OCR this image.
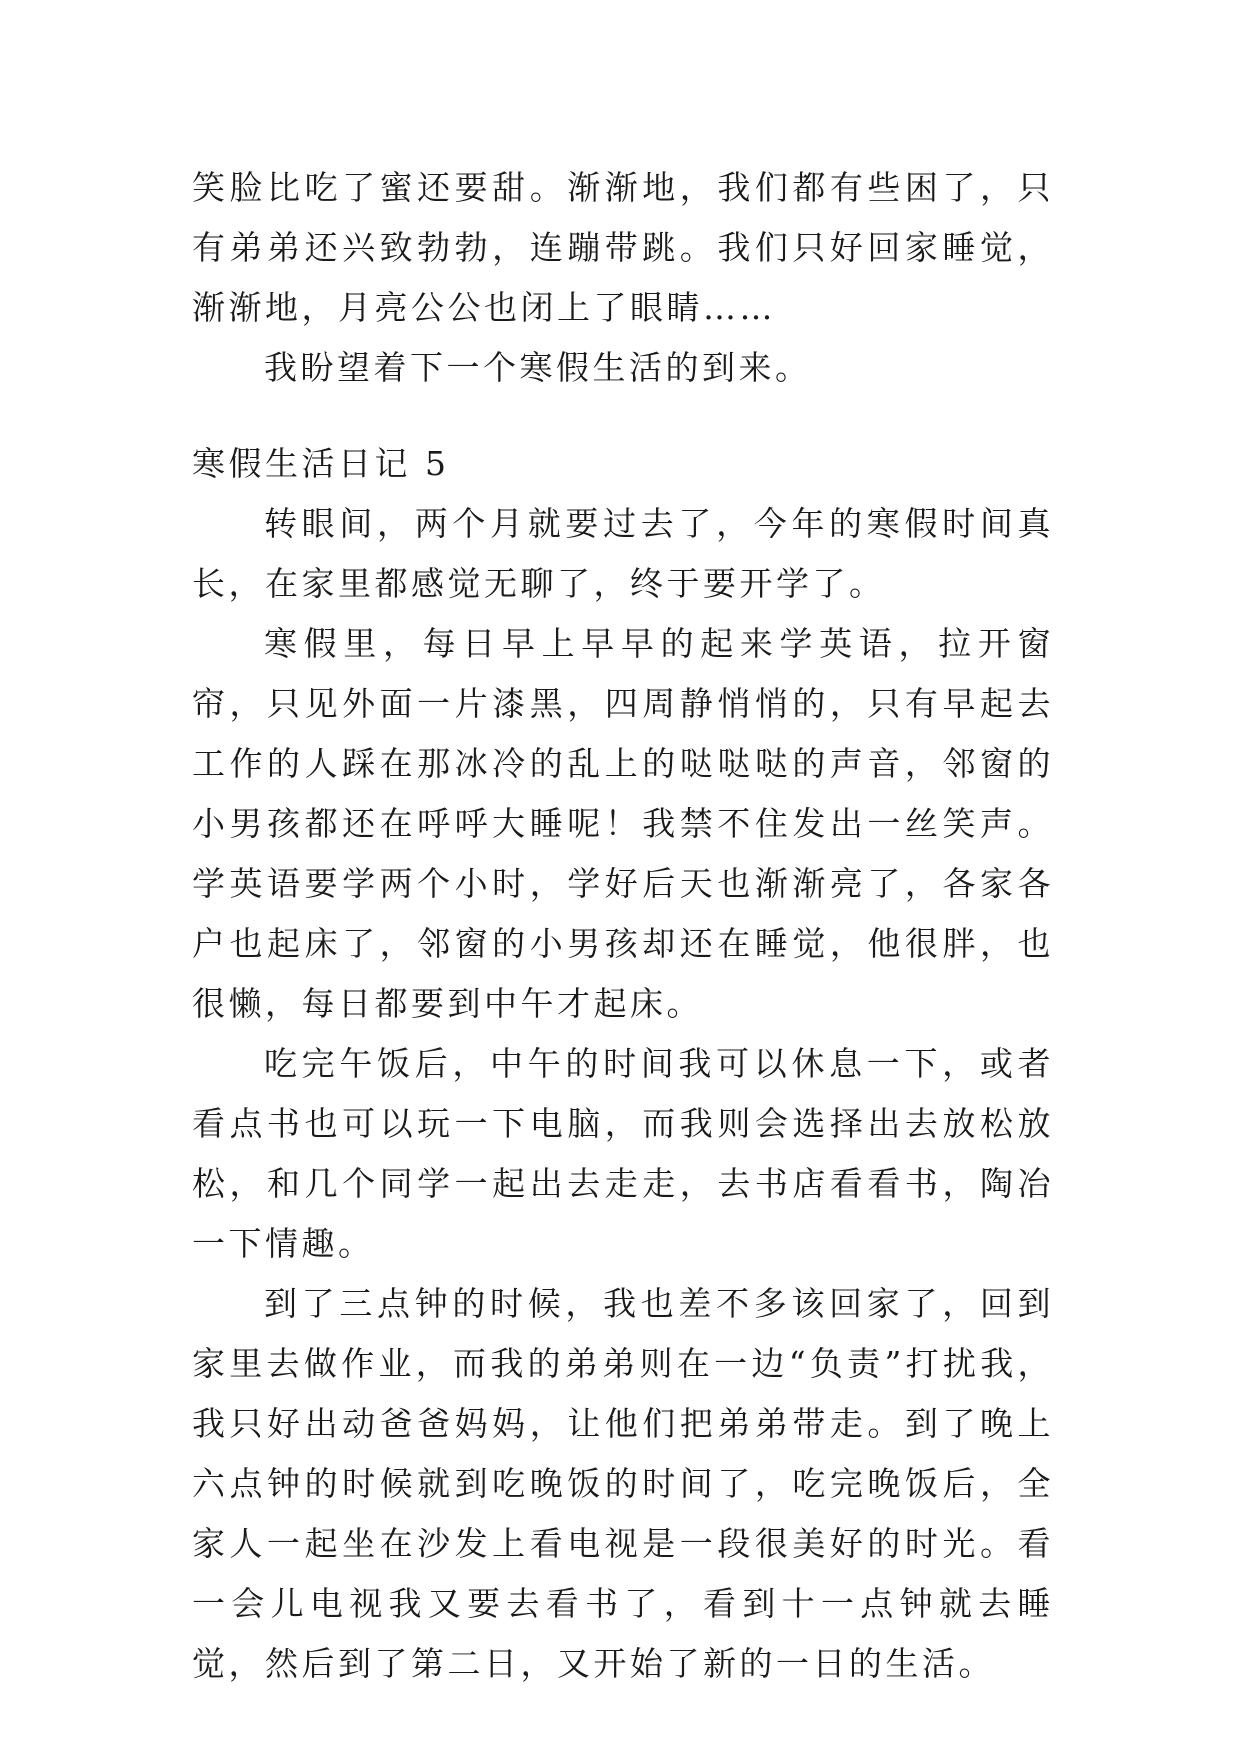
笑脸比吃了蜜还要甜。渐渐地，我们都有些困了，只有弟弟还兴致勃勃，连蹦带跳。我们只好回家睡觉，渐渐地，月亮公公也闭上了眼睛……

我盼望着下一个寒假生活的到来。

寒假生活日记 5

转眼间，两个月就要过去了，今年的寒假时间真长，在家里都感觉无聊了，终于要开学了。

寒假里，每日早上早早的起来学英语，拉开窗帘，只见外面一片漆黑，四周静悄悄的，只有早起去工作的人踩在那冰冷的乱上的哒哒哒的声音，邻窗的小男孩都还在呼呼大睡呢！我禁不住发出一丝笑声。学英语要学两个小时，学好后天也渐渐亮了，各家各户也起床了，邻窗的小男孩却还在睡觉，他很胖，也很懒，每日都要到中午才起床。

吃完午饭后，中午的时间我可以休息一下，或者看点书也可以玩一下电脑，而我则会选择出去放松放松，和几个同学一起出去走走，去书店看看书，陶冶一下情趣。

到了三点钟的时候，我也差不多该回家了，回到家里去做作业，而我的弟弟则在一边“负责”打扰我，我只好出动爸爸妈妈，让他们把弟弟带走。到了晚上六点钟的时候就到吃晚饭的时间了，吃完晚饭后，全家人一起坐在沙发上看电视是一段很美好的时光。看一会儿电视我又要去看书了，看到十一点钟就去睡觉，然后到了第二日，又开始了新的一日的生活。
